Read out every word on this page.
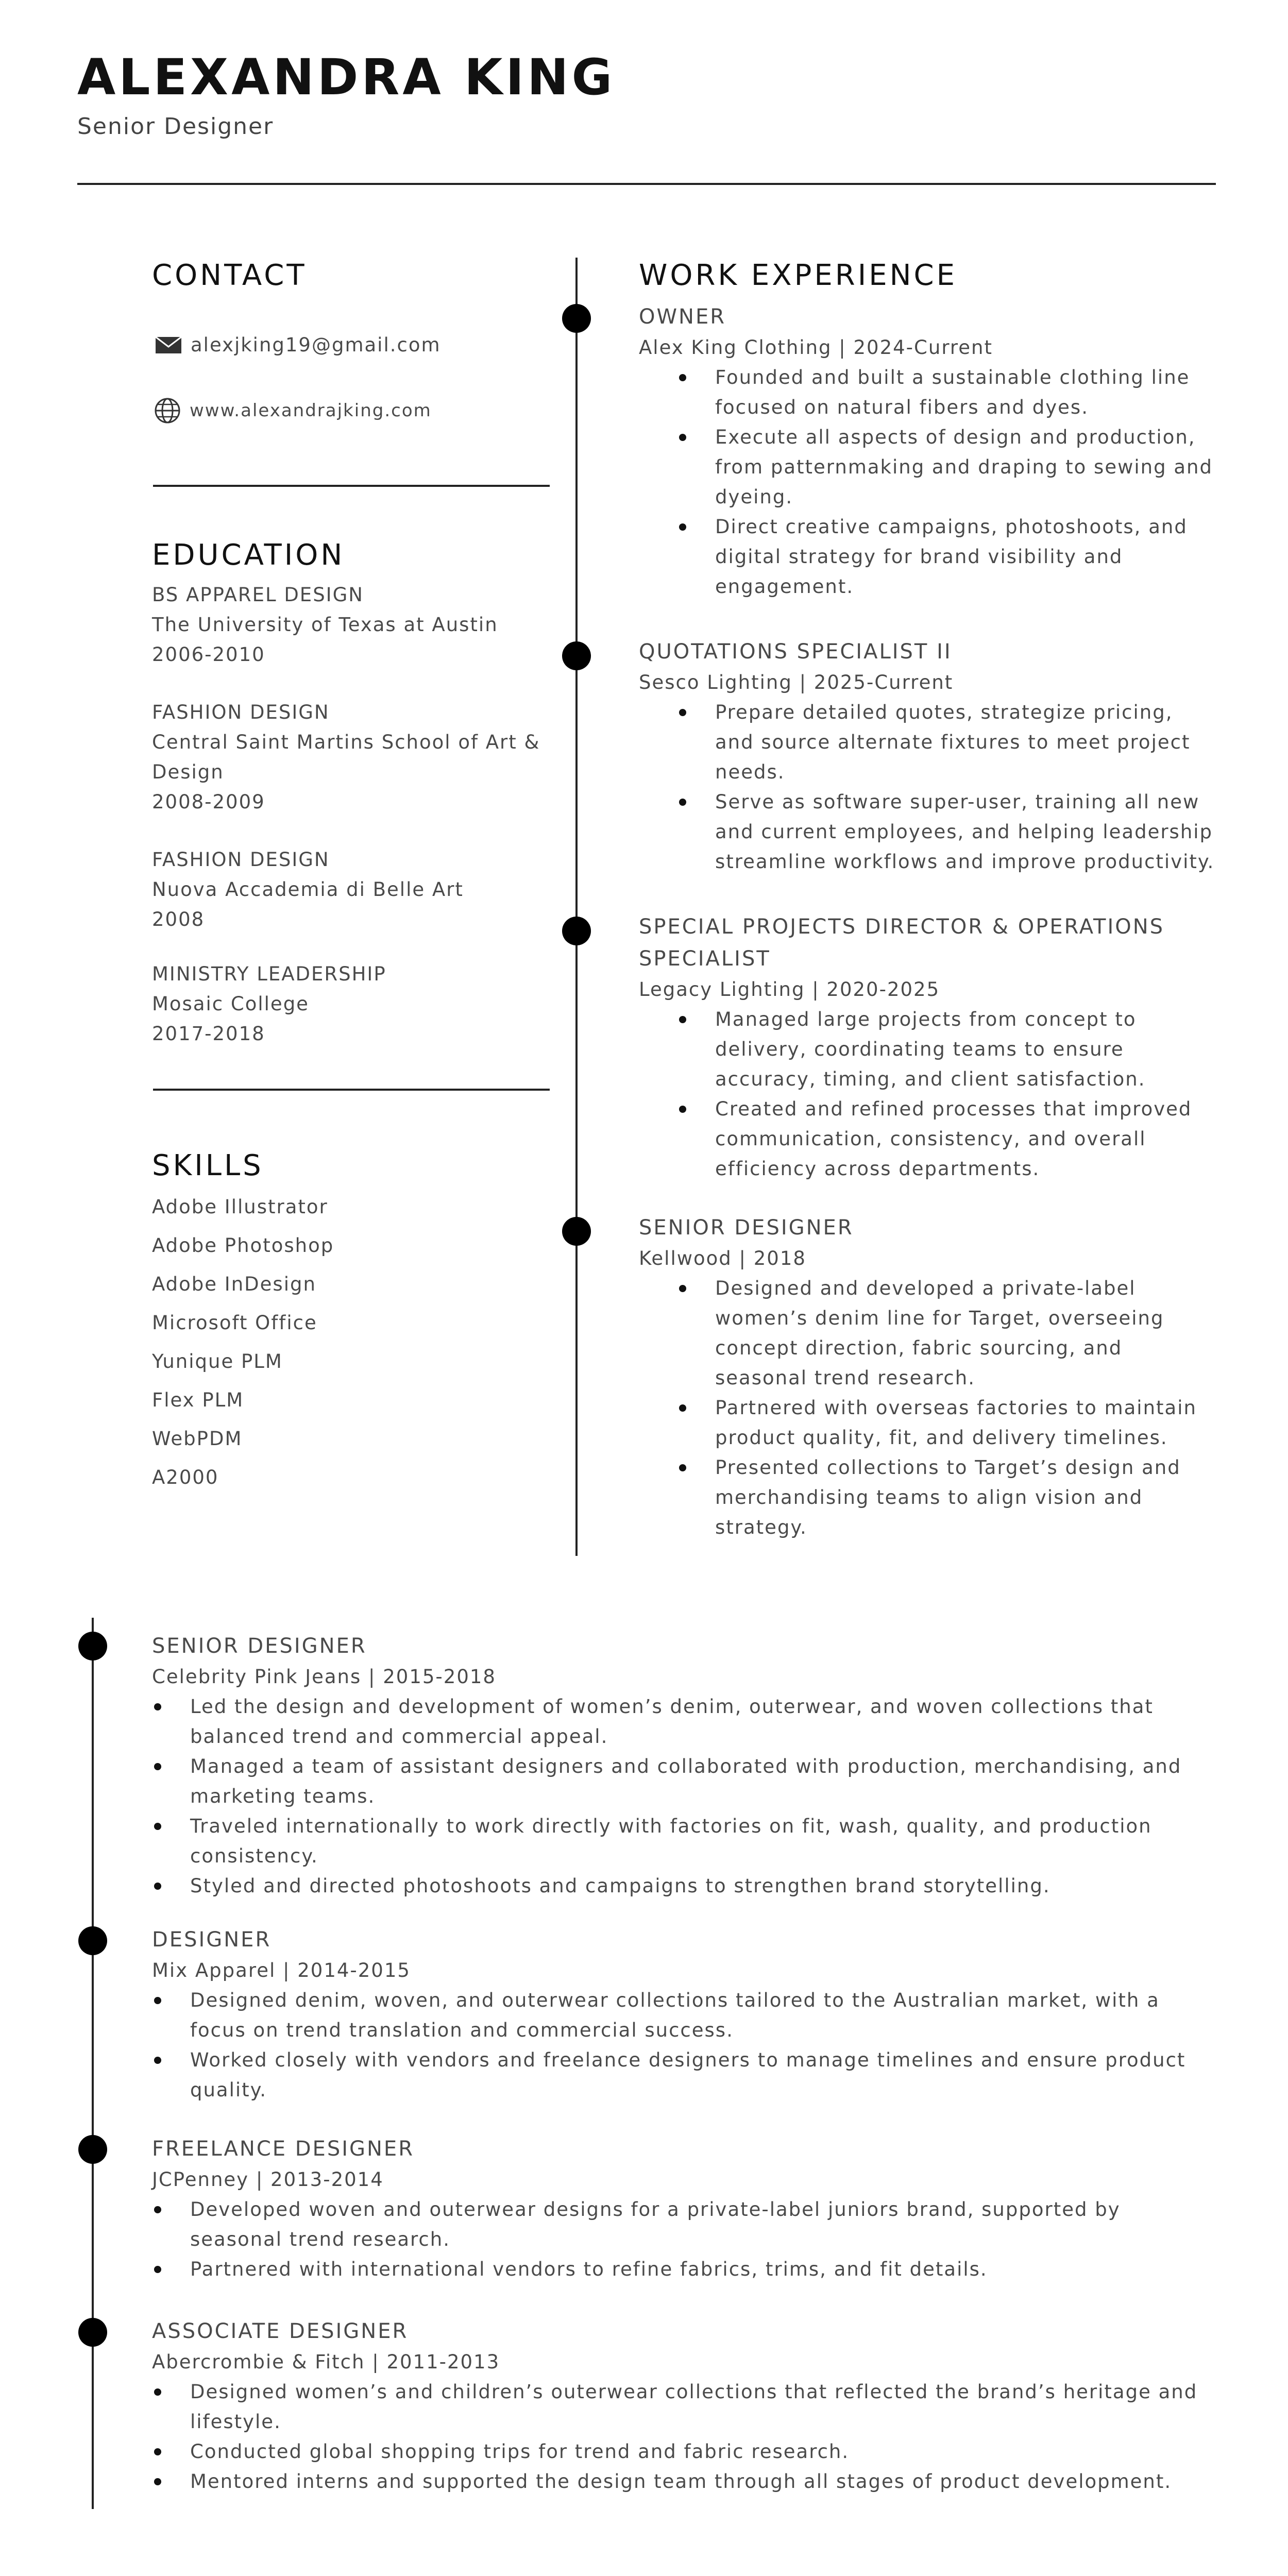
ALEXANDRA KING
Senior Designer
CONTACT
alexjking19@gmail.com
www.alexandrajking.com
EDUCATION
BS APPAREL DESIGN
The University of Texas at Austin
2006-2010
FASHION DESIGN
Central Saint Martins School of Art & Design
2008-2009
FASHION DESIGN
Nuova Accademia di Belle Art
2008
MINISTRY LEADERSHIP
Mosaic College
2017-2018
SKILLS
Adobe Illustrator
Adobe Photoshop
Adobe InDesign
Microsoft Office
Yunique PLM
Flex PLM
WebPDM
A2000
WORK EXPERIENCE
OWNER
Alex King Clothing | 2024-Current
Founded and built a sustainable clothing line focused on natural fibers and dyes.
Execute all aspects of design and production, from patternmaking and draping to sewing and dyeing.
Direct creative campaigns, photoshoots, and digital strategy for brand visibility and engagement.
QUOTATIONS SPECIALIST II
Sesco Lighting | 2025-Current
Prepare detailed quotes, strategize pricing, and source alternate fixtures to meet project needs.
Serve as software super-user, training all new and current employees, and helping leadership streamline workflows and improve productivity.
SPECIAL PROJECTS DIRECTOR & OPERATIONS SPECIALIST
Legacy Lighting | 2020-2025
Managed large projects from concept to delivery, coordinating teams to ensure accuracy, timing, and client satisfaction.
Created and refined processes that improved communication, consistency, and overall efficiency across departments.
SENIOR DESIGNER
Kellwood | 2018
Designed and developed a private-label women’s denim line for Target, overseeing concept direction, fabric sourcing, and seasonal trend research.
Partnered with overseas factories to maintain product quality, fit, and delivery timelines.
Presented collections to Target’s design and merchandising teams to align vision and strategy.
SENIOR DESIGNER
Celebrity Pink Jeans | 2015-2018
Led the design and development of women’s denim, outerwear, and woven collections that balanced trend and commercial appeal.
Managed a team of assistant designers and collaborated with production, merchandising, and marketing teams.
Traveled internationally to work directly with factories on fit, wash, quality, and production consistency.
Styled and directed photoshoots and campaigns to strengthen brand storytelling.
DESIGNER
Mix Apparel | 2014-2015
Designed denim, woven, and outerwear collections tailored to the Australian market, with a focus on trend translation and commercial success.
Worked closely with vendors and freelance designers to manage timelines and ensure product quality.
FREELANCE DESIGNER
JCPenney | 2013-2014
Developed woven and outerwear designs for a private-label juniors brand, supported by seasonal trend research.
Partnered with international vendors to refine fabrics, trims, and fit details.
ASSOCIATE DESIGNER
Abercrombie & Fitch | 2011-2013
Designed women’s and children’s outerwear collections that reflected the brand’s heritage and lifestyle.
Conducted global shopping trips for trend and fabric research.
Mentored interns and supported the design team through all stages of product development.
